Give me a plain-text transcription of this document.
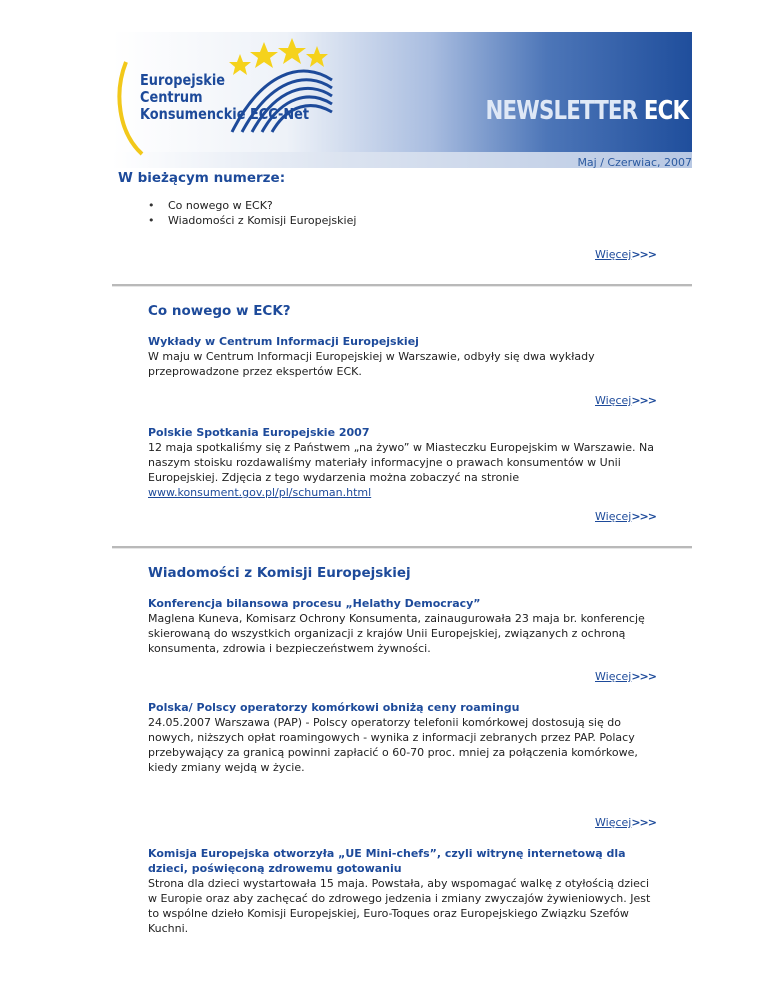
Europejskie
Centrum
Konsumenckie ECC-Net	NEWSLETTER ECK
Maj / Czerwiac, 2007
W bieżącym numerze:
• Co nowego w ECK?
• Wiadomości z Komisji Europejskiej
Więcej>>>
Co nowego w ECK?
Wykłady w Centrum Informacji Europejskiej
W maju w Centrum Informacji Europejskiej w Warszawie, odbyły się dwa wykłady przeprowadzone przez ekspertów ECK.
Więcej>>>
Polskie Spotkania Europejskie 2007
12 maja spotkaliśmy się z Państwem „na żywo” w Miasteczku Europejskim w Warszawie. Na naszym stoisku rozdawaliśmy materiały informacyjne o prawach konsumentów w Unii Europejskiej. Zdjęcia z tego wydarzenia można zobaczyć na stronie www.konsument.gov.pl/pl/schuman.html
Więcej>>>
Wiadomości z Komisji Europejskiej
Konferencja bilansowa procesu „Helathy Democracy”
Maglena Kuneva, Komisarz Ochrony Konsumenta, zainaugurowała 23 maja br. konferencję skierowaną do wszystkich organizacji z krajów Unii Europejskiej, związanych z ochroną konsumenta, zdrowia i bezpieczeństwem żywności.
Więcej>>>
Polska/ Polscy operatorzy komórkowi obniżą ceny roamingu
24.05.2007 Warszawa (PAP) - Polscy operatorzy telefonii komórkowej dostosują się do nowych, niższych opłat roamingowych - wynika z informacji zebranych przez PAP. Polacy przebywający za granicą powinni zapłacić o 60-70 proc. mniej za połączenia komórkowe, kiedy zmiany wejdą w życie.
Więcej>>>
Komisja Europejska otworzyła „UE Mini-chefs”, czyli witrynę internetową dla dzieci, poświęconą zdrowemu gotowaniu
Strona dla dzieci wystartowała 15 maja. Powstała, aby wspomagać walkę z otyłością dzieci w Europie oraz aby zachęcać do zdrowego jedzenia i zmiany zwyczajów żywieniowych. Jest to wspólne dzieło Komisji Europejskiej, Euro-Toques oraz Europejskiego Związku Szefów Kuchni.
